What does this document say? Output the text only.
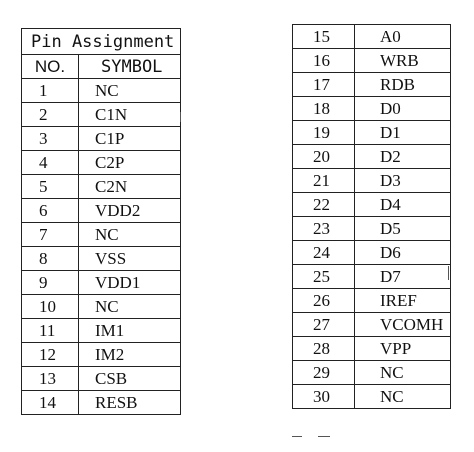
Pin Assignment	
NO.	SYMBOL
1	NC
2	C1N
3	C1P
4	C2P
5	C2N
6	VDD2
7	NC
8	VSS
9	VDD1
10	NC
11	IM1
12	IM2
13	CSB
14	RESB
15	A0
16	WRB
17	RDB
18	D0
19	D1
20	D2
21	D3
22	D4
23	D5
24	D6
25	D7
26	IREF
27	VCOMH
28	VPP
29	NC
30	NC
